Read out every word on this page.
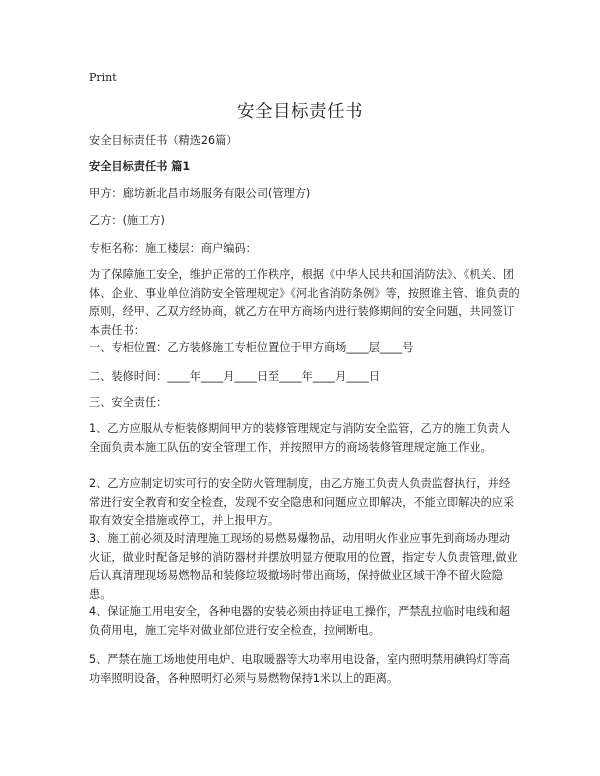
Print
安全目标责任书

安全目标责任书（精选26篇）

安全目标责任书 篇1

甲方：廊坊新北昌市场服务有限公司(管理方)

乙方：(施工方)

专柜名称：施工楼层：商户编码：

为了保障施工安全，维护正常的工作秩序，根据《中华人民共和国消防法》、《机关、团体、企业、事业单位消防安全管理规定》《河北省消防条例》等，按照谁主管、谁负责的原则，经甲、乙双方经协商，就乙方在甲方商场内进行装修期间的安全问题，共同签订本责任书：

一、专柜位置：乙方装修施工专柜位置位于甲方商场____层____号

二、装修时间：____年____月____日至____年____月____日

三、安全责任：

1、乙方应服从专柜装修期间甲方的装修管理规定与消防安全监管，乙方的施工负责人全面负责本施工队伍的安全管理工作，并按照甲方的商场装修管理规定施工作业。

2、乙方应制定切实可行的安全防火管理制度，由乙方施工负责人负责监督执行，并经常进行安全教育和安全检查，发现不安全隐患和问题应立即解决，不能立即解决的应采取有效安全措施或停工，并上报甲方。

3、施工前必须及时清理施工现场的易燃易爆物品，动用明火作业应事先到商场办理动火证，做业时配备足够的消防器材并摆放明显方便取用的位置，指定专人负责管理,做业后认真清理现场易燃物品和装修垃圾撤场时带出商场，保持做业区域干净不留火险隐患。

4、保证施工用电安全，各种电器的安装必须由持证电工操作，严禁乱拉临时电线和超负荷用电，施工完毕对做业部位进行安全检查，拉闸断电。

5、严禁在施工场地使用电炉、电取暖器等大功率用电设备，室内照明禁用碘钨灯等高功率照明设备，各种照明灯必须与易燃物保持1米以上的距离。
